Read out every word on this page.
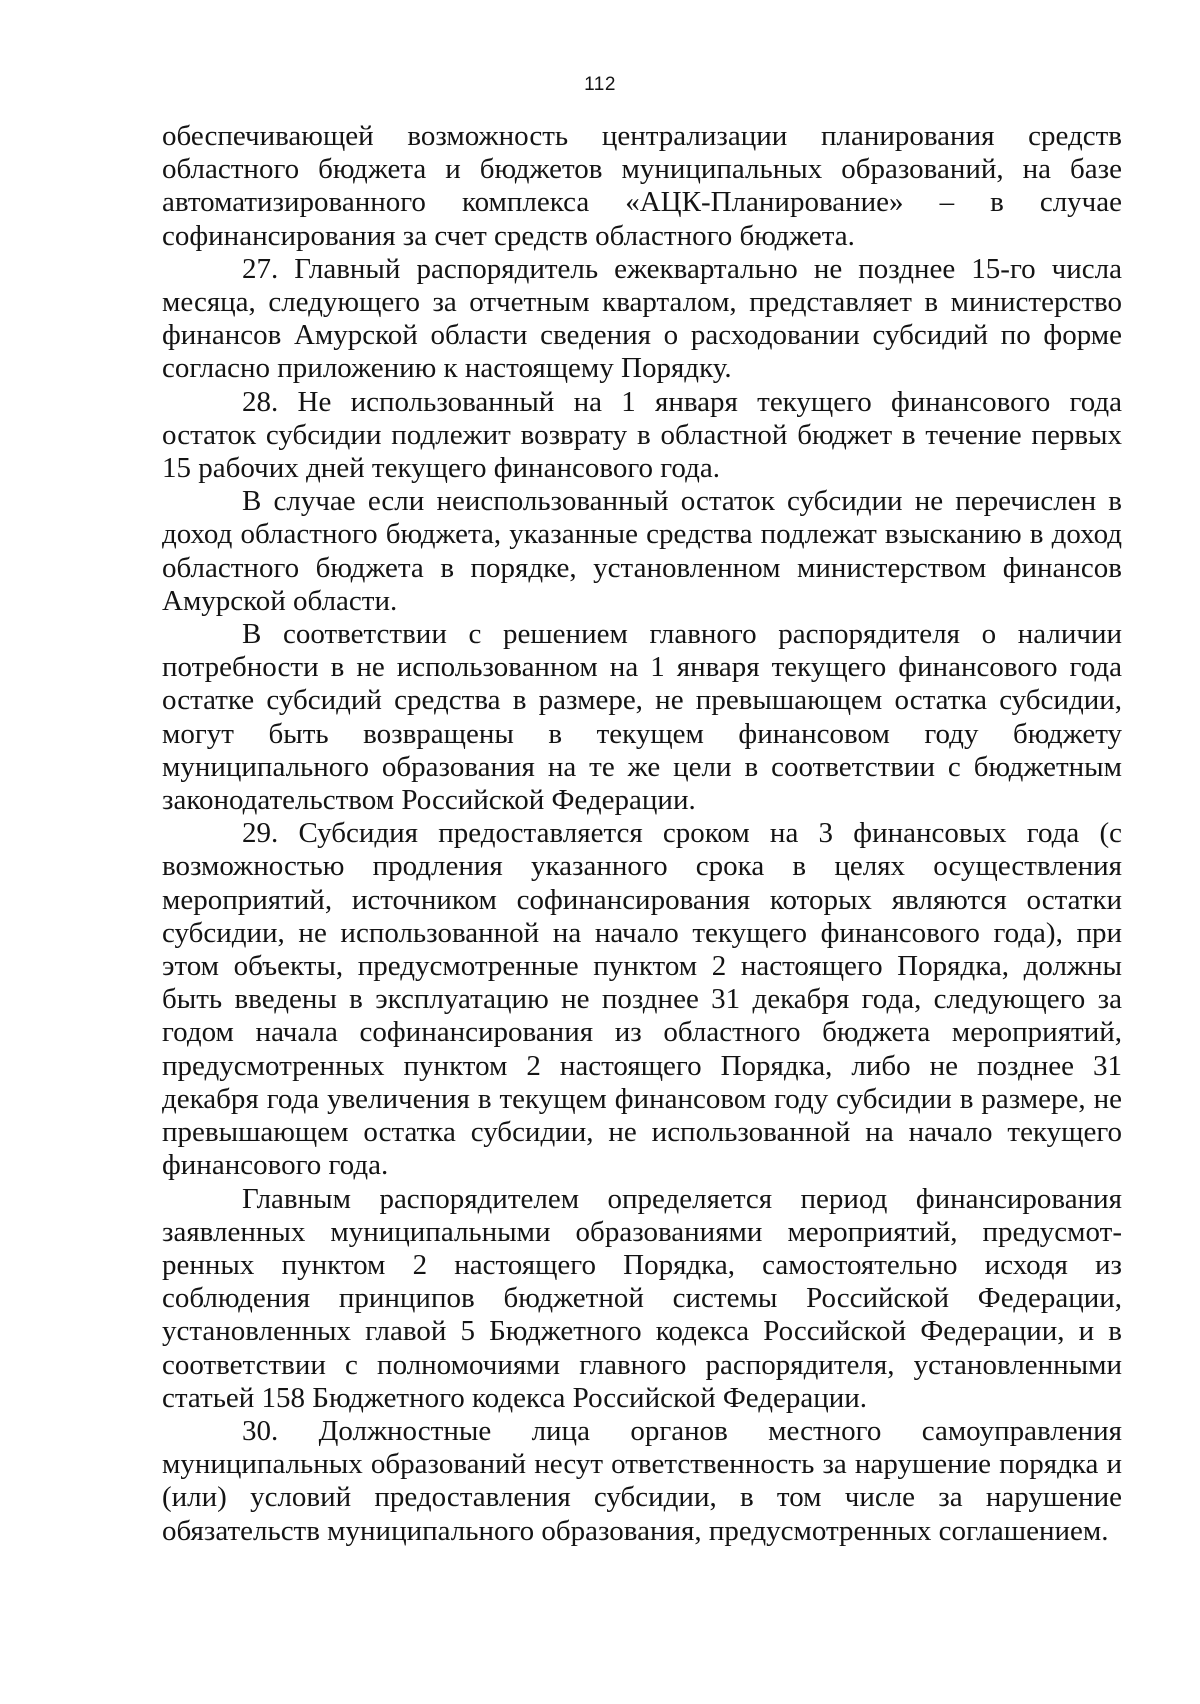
112

обеспечивающей возможность централизации планирования средств областного бюджета и бюджетов муниципальных образований, на базе автоматизированного комплекса «АЦК-Планирование» – в случае софинансирования за счет средств областного бюджета.

27. Главный распорядитель ежеквартально не позднее 15-го числа месяца, следующего за отчетным кварталом, представляет в министерство финансов Амурской области сведения о расходовании субсидий по форме согласно приложению к настоящему Порядку.

28. Не использованный на 1 января текущего финансового года остаток субсидии подлежит возврату в областной бюджет в течение первых 15 рабочих дней текущего финансового года.

В случае если неиспользованный остаток субсидии не перечислен в доход областного бюджета, указанные средства подлежат взысканию в доход областного бюджета в порядке, установленном министерством финансов Амурской области.

В соответствии с решением главного распорядителя о наличии потребности в не использованном на 1 января текущего финансового года остатке субсидий средства в размере, не превышающем остатка субсидии, могут быть возвращены в текущем финансовом году бюджету муниципального образования на те же цели в соответствии с бюджетным законодательством Российской Федерации.

29. Субсидия предоставляется сроком на 3 финансовых года (с возможностью продления указанного срока в целях осуществления мероприятий, источником софинансирования которых являются остатки субсидии, не использованной на начало текущего финансового года), при этом объекты, предусмотренные пунктом 2 настоящего Порядка, должны быть введены в эксплуатацию не позднее 31 декабря года, следующего за годом начала софинансирования из областного бюджета мероприятий, предусмотренных пунктом 2 настоящего Порядка, либо не позднее 31 декабря года увеличения в текущем финансовом году субсидии в размере, не превышающем остатка субсидии, не использованной на начало текущего финансового года.

Главным распорядителем определяется период финансирования заявленных муниципальными образованиями мероприятий, предусмотренных пунктом 2 настоящего Порядка, самостоятельно исходя из соблюдения принципов бюджетной системы Российской Федерации, установленных главой 5 Бюджетного кодекса Российской Федерации, и в соответствии с полномочиями главного распорядителя, установленными статьей 158 Бюджетного кодекса Российской Федерации.

30. Должностные лица органов местного самоуправления муниципальных образований несут ответственность за нарушение порядка и (или) условий предоставления субсидии, в том числе за нарушение обязательств муниципального образования, предусмотренных соглашением.
